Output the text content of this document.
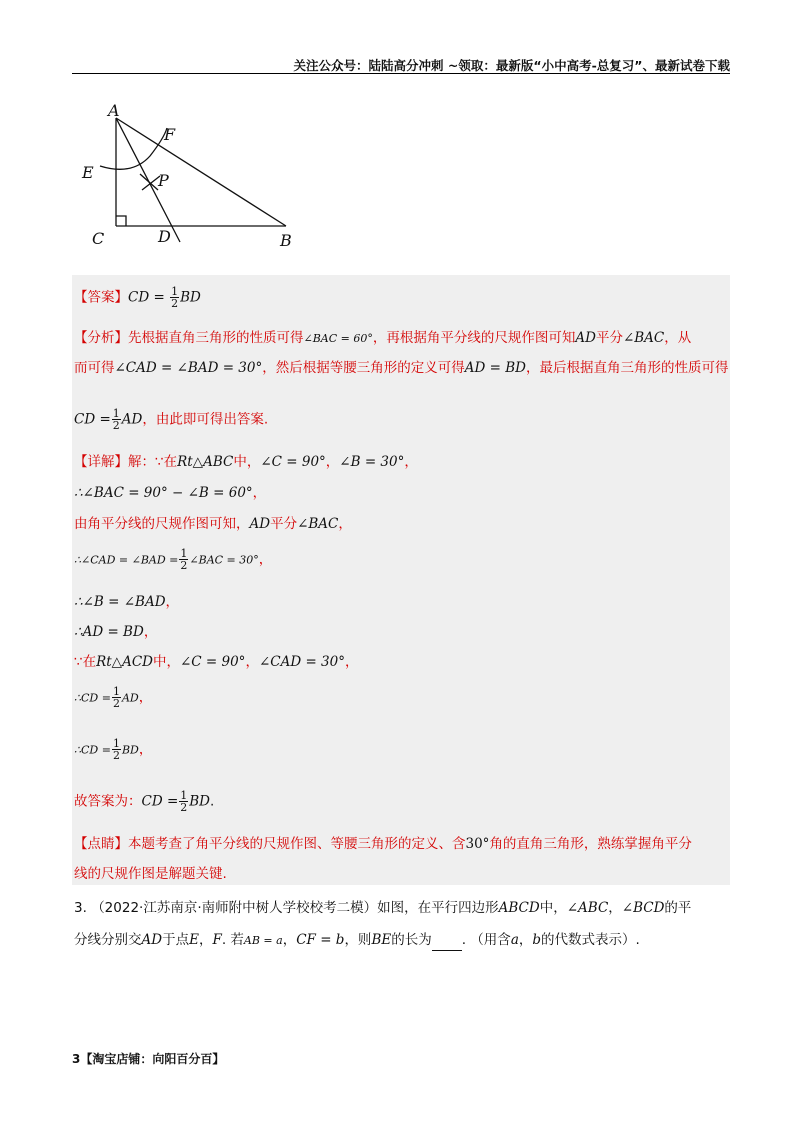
关注公众号：陆陆高分冲刺 ~领取：最新版“小中高考-总复习”、最新试卷下载
A
F
E	P
C	D	B
【答案】CD = $\frac{1}{2}$ BD
【分析】先根据直角三角形的性质可得∠BAC = 60°，再根据角平分线的尺规作图可知AD平分∠BAC，从
而可得∠CAD = ∠BAD = 30°，然后根据等腰三角形的定义可得AD = BD，最后根据直角三角形的性质可得
CD = $\frac{1}{2}$ AD，由此即可得出答案.
【详解】解：∵在Rt△ABC中，∠C = 90°，∠B = 30°，
∴∠BAC = 90° − ∠B = 60°，
由角平分线的尺规作图可知，AD平分∠BAC，
∴∠CAD = ∠BAD = $\frac{1}{2}$ ∠BAC = 30°，
∴∠B = ∠BAD，
∴AD = BD，
∵在Rt△ACD中，∠C = 90°，∠CAD = 30°，
∴CD = $\frac{1}{2}$ AD，
∴CD = $\frac{1}{2}$ BD，
故答案为：CD = $\frac{1}{2}$ BD.
【点睛】本题考查了角平分线的尺规作图、等腰三角形的定义、含30°角的直角三角形，熟练掌握角平分
线的尺规作图是解题关键.
3. （2022·江苏南京·南师附中树人学校校考二模）如图，在平行四边形ABCD中，∠ABC，∠BCD的平
分线分别交AD于点E，F. 若AB = a，CF = b，则BE的长为 . （用含a，b的代数式表示）.
3【淘宝店铺：向阳百分百】
